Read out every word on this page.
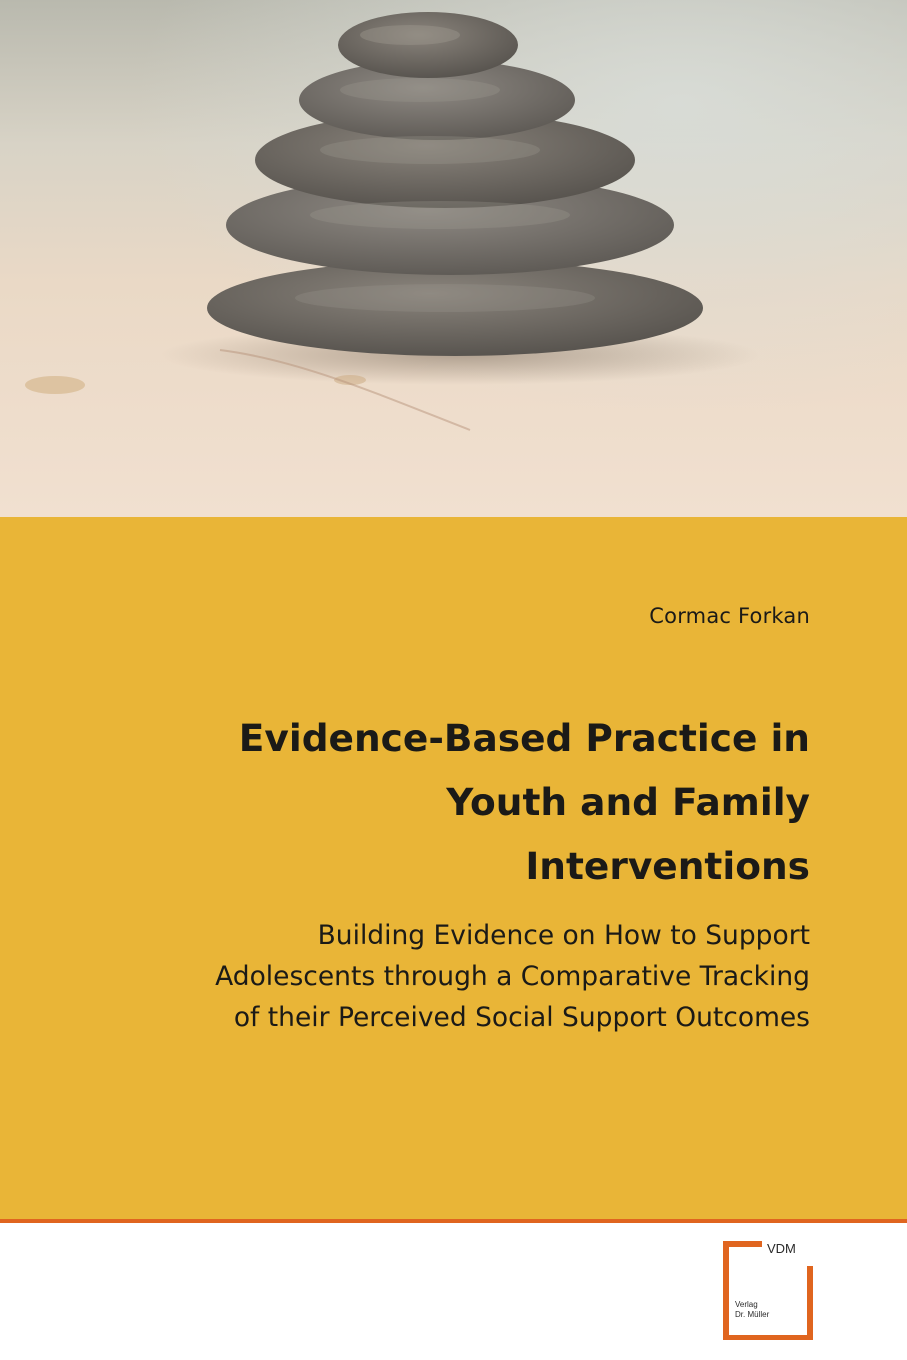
Cormac Forkan
Evidence-Based Practice in
Youth and Family
Interventions
Building Evidence on How to Support
Adolescents through a Comparative Tracking
of their Perceived Social Support Outcomes
VDM
Verlag
Dr. Müller
